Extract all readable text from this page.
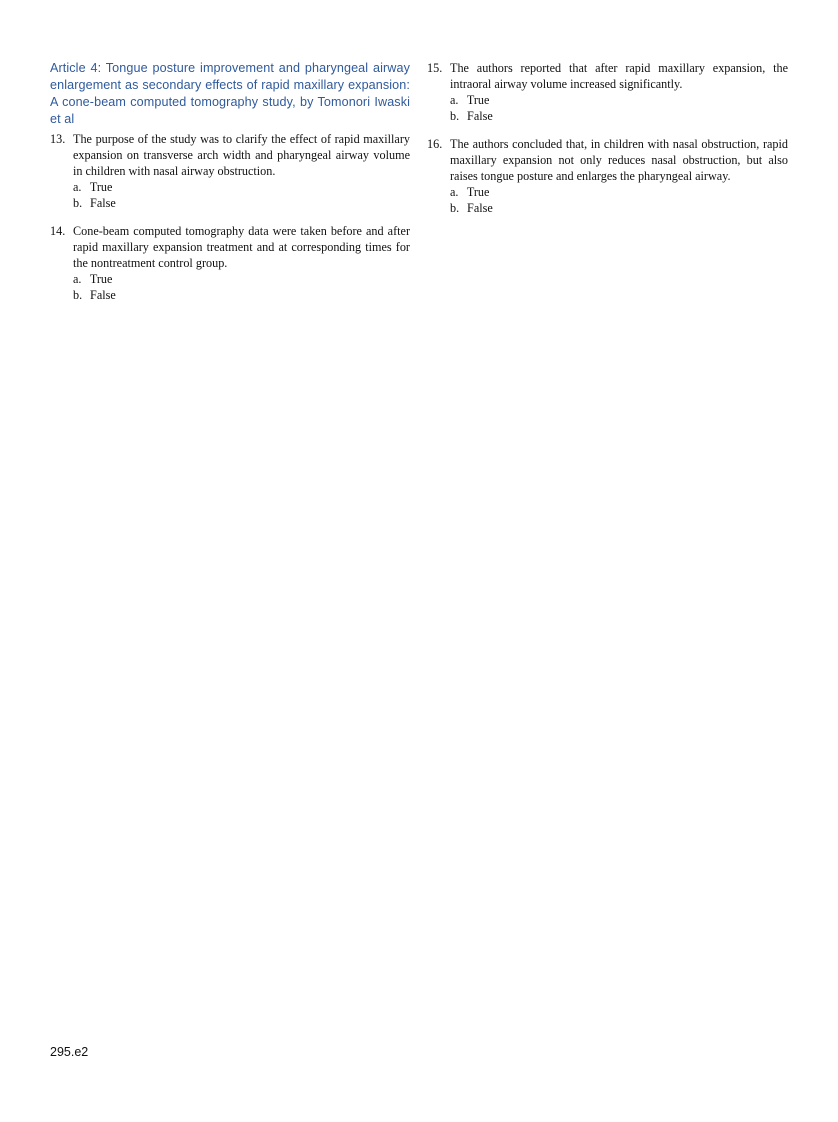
Article 4: Tongue posture improvement and pharyngeal airway enlargement as secondary effects of rapid maxillary expansion: A cone-beam computed tomography study, by Tomonori Iwaski et al

13. The purpose of the study was to clarify the effect of rapid maxillary expansion on transverse arch width and pharyngeal airway volume in children with nasal airway obstruction.
a. True
b. False
14. Cone-beam computed tomography data were taken before and after rapid maxillary expansion treatment and at corresponding times for the nontreatment control group.
a. True
b. False
15. The authors reported that after rapid maxillary expansion, the intraoral airway volume increased significantly.
a. True
b. False
16. The authors concluded that, in children with nasal obstruction, rapid maxillary expansion not only reduces nasal obstruction, but also raises tongue posture and enlarges the pharyngeal airway.
a. True
b. False
295.e2
